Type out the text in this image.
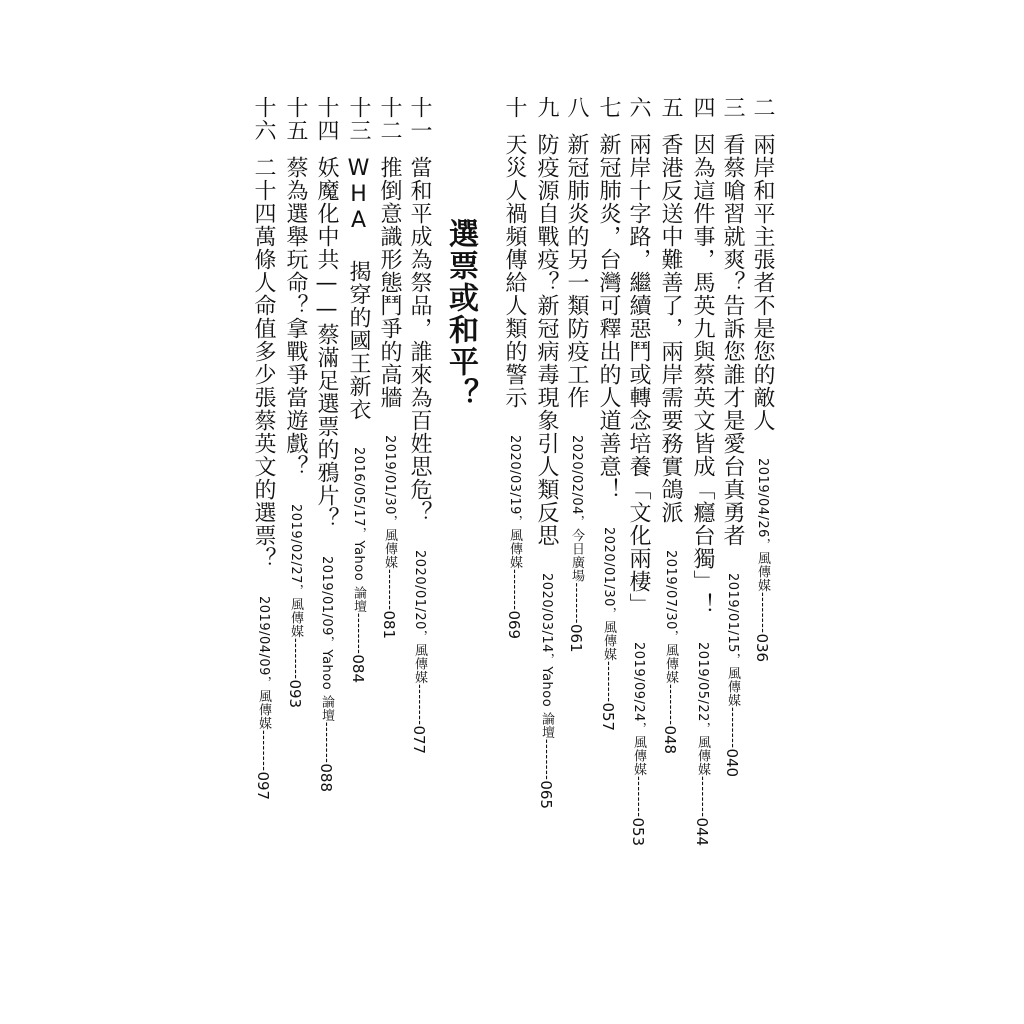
選票或和平？
二兩岸和平主張者不是您的敵人 2019/04/26，風傳媒--------036
三看蔡嗆習就爽？告訴您誰才是愛台真勇者 2019/01/15，風傳媒--------040
四因為這件事，馬英九與蔡英文皆成「癮台獨」！ 2019/05/22，風傳媒--------044
五香港反送中難善了，兩岸需要務實鴿派 2019/07/30，風傳媒--------048
六兩岸十字路，繼續惡鬥或轉念培養「文化兩棲」 2019/09/24，風傳媒--------053
七新冠肺炎，台灣可釋出的人道善意！ 2020/01/30，風傳媒--------057
八新冠肺炎的另一類防疫工作 2020/02/04，今日廣場--------061
九防疫源自戰疫？新冠病毒現象引人類反思 2020/03/14，Yahoo 論壇--------065
十天災人禍頻傳給人類的警示 2020/03/19，風傳媒--------069
十一當和平成為祭品，誰來為百姓思危？ 2020/01/20，風傳媒--------077
十二推倒意識形態鬥爭的高牆 2019/01/30，風傳媒--------081
十三WHA 揭穿的國王新衣 2016/05/17，Yahoo 論壇--------084
十四妖魔化中共——蔡滿足選票的鴉片？ 2019/01/09，Yahoo 論壇--------088
十五蔡為選舉玩命？拿戰爭當遊戲？ 2019/02/27，風傳媒--------093
十六二十四萬條人命值多少張蔡英文的選票？ 2019/04/09，風傳媒--------097
